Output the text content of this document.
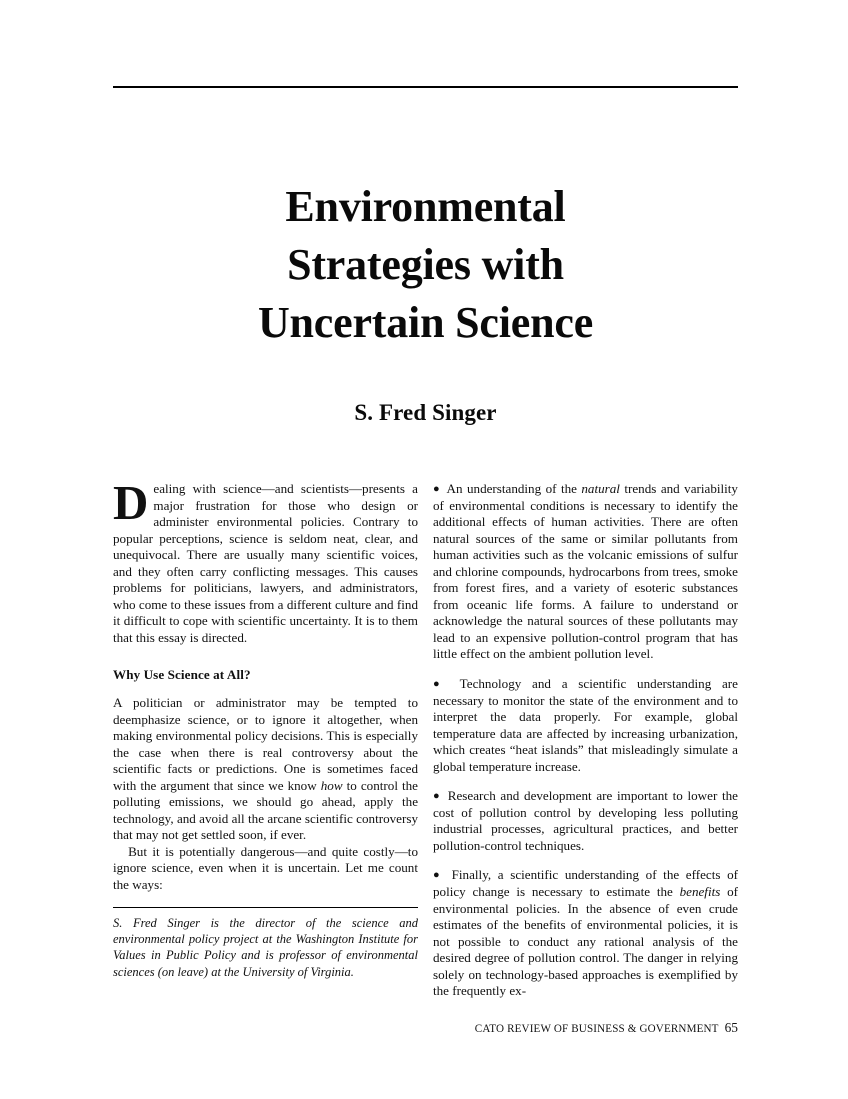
Environmental
Strategies with
Uncertain Science
S. Fred Singer

Dealing with science—and scientists—presents a major frustration for those who design or administer environmental policies. Contrary to popular perceptions, science is seldom neat, clear, and unequivocal. There are usually many scientific voices, and they often carry conflicting messages. This causes problems for politicians, lawyers, and administrators, who come to these issues from a different culture and find it difficult to cope with scientific uncertainty. It is to them that this essay is directed.

Why Use Science at All?

A politician or administrator may be tempted to deemphasize science, or to ignore it altogether, when making environmental policy decisions. This is especially the case when there is real controversy about the scientific facts or predictions. One is sometimes faced with the argument that since we know how to control the polluting emissions, we should go ahead, apply the technology, and avoid all the arcane scientific controversy that may not get settled soon, if ever.

But it is potentially dangerous—and quite costly—to ignore science, even when it is uncertain. Let me count the ways:

S. Fred Singer is the director of the science and environmental policy project at the Washington Institute for Values in Public Policy and is professor of environmental sciences (on leave) at the University of Virginia.

● An understanding of the natural trends and variability of environmental conditions is necessary to identify the additional effects of human activities. There are often natural sources of the same or similar pollutants from human activities such as the volcanic emissions of sulfur and chlorine compounds, hydrocarbons from trees, smoke from forest fires, and a variety of esoteric substances from oceanic life forms. A failure to understand or acknowledge the natural sources of these pollutants may lead to an expensive pollution-control program that has little effect on the ambient pollution level.

● Technology and a scientific understanding are necessary to monitor the state of the environment and to interpret the data properly. For example, global temperature data are affected by increasing urbanization, which creates “heat islands” that misleadingly simulate a global temperature increase.

● Research and development are important to lower the cost of pollution control by developing less polluting industrial processes, agricultural practices, and better pollution-control techniques.

● Finally, a scientific understanding of the effects of policy change is necessary to estimate the benefits of environmental policies. In the absence of even crude estimates of the benefits of environmental policies, it is not possible to conduct any rational analysis of the desired degree of pollution control. The danger in relying solely on technology-based approaches is exemplified by the frequently ex-

CATO REVIEW OF BUSINESS & GOVERNMENT 65
